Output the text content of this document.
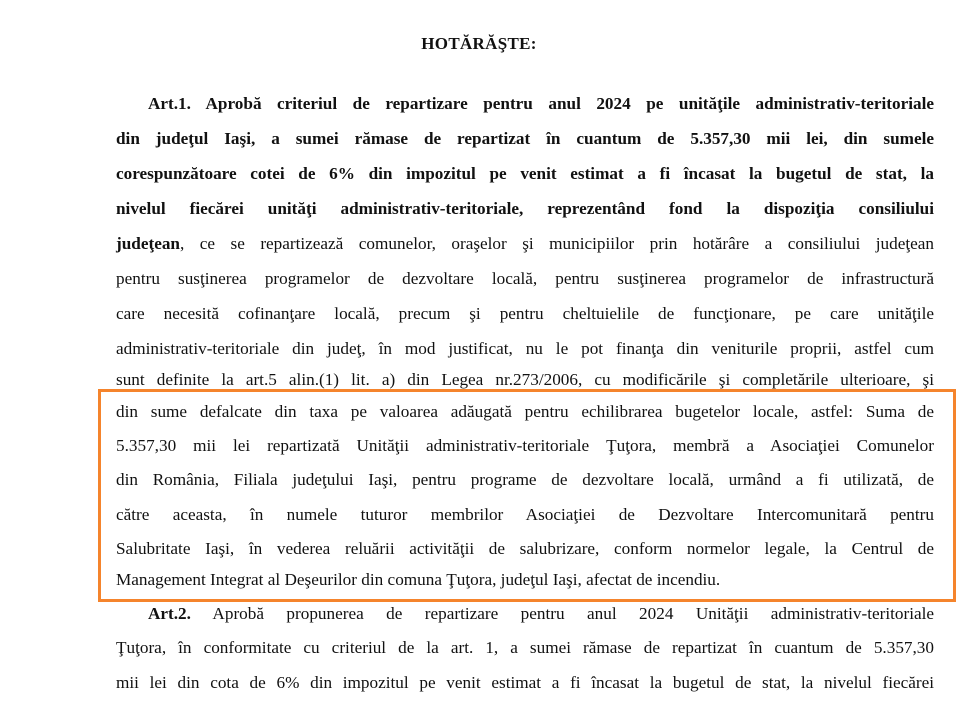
HOTĂRĂŞTE:
Art.1. Aprobă criteriul de repartizare pentru anul 2024 pe unităţile administrativ-teritoriale
din judeţul Iaşi, a sumei rămase de repartizat în cuantum de 5.357,30 mii lei, din sumele
corespunzătoare cotei de 6% din impozitul pe venit estimat a fi încasat la bugetul de stat, la
nivelul fiecărei unităţi administrativ-teritoriale, reprezentând fond la dispoziţia consiliului
judeţean, ce se repartizează comunelor, oraşelor şi municipiilor prin hotărâre a consiliului judeţean
pentru susţinerea programelor de dezvoltare locală, pentru susţinerea programelor de infrastructură
care necesită cofinanţare locală, precum şi pentru cheltuielile de funcţionare, pe care unităţile
administrativ-teritoriale din judeţ, în mod justificat, nu le pot finanţa din veniturile proprii, astfel cum
sunt definite la art.5 alin.(1) lit. a) din Legea nr.273/2006, cu modificările şi completările ulterioare, şi
din sume defalcate din taxa pe valoarea adăugată pentru echilibrarea bugetelor locale, astfel: Suma de
5.357,30 mii lei repartizată Unităţii administrativ-teritoriale Ţuţora, membră a Asociaţiei Comunelor
din România, Filiala judeţului Iaşi, pentru programe de dezvoltare locală, urmând a fi utilizată, de
către aceasta, în numele tuturor membrilor Asociaţiei de Dezvoltare Intercomunitară pentru
Salubritate Iaşi, în vederea reluării activităţii de salubrizare, conform normelor legale, la Centrul de
Management Integrat al Deşeurilor din comuna Ţuţora, judeţul Iaşi, afectat de incendiu.
Art.2. Aprobă propunerea de repartizare pentru anul 2024 Unităţii administrativ-teritoriale
Ţuţora, în conformitate cu criteriul de la art. 1, a sumei rămase de repartizat în cuantum de 5.357,30
mii lei din cota de 6% din impozitul pe venit estimat a fi încasat la bugetul de stat, la nivelul fiecărei
